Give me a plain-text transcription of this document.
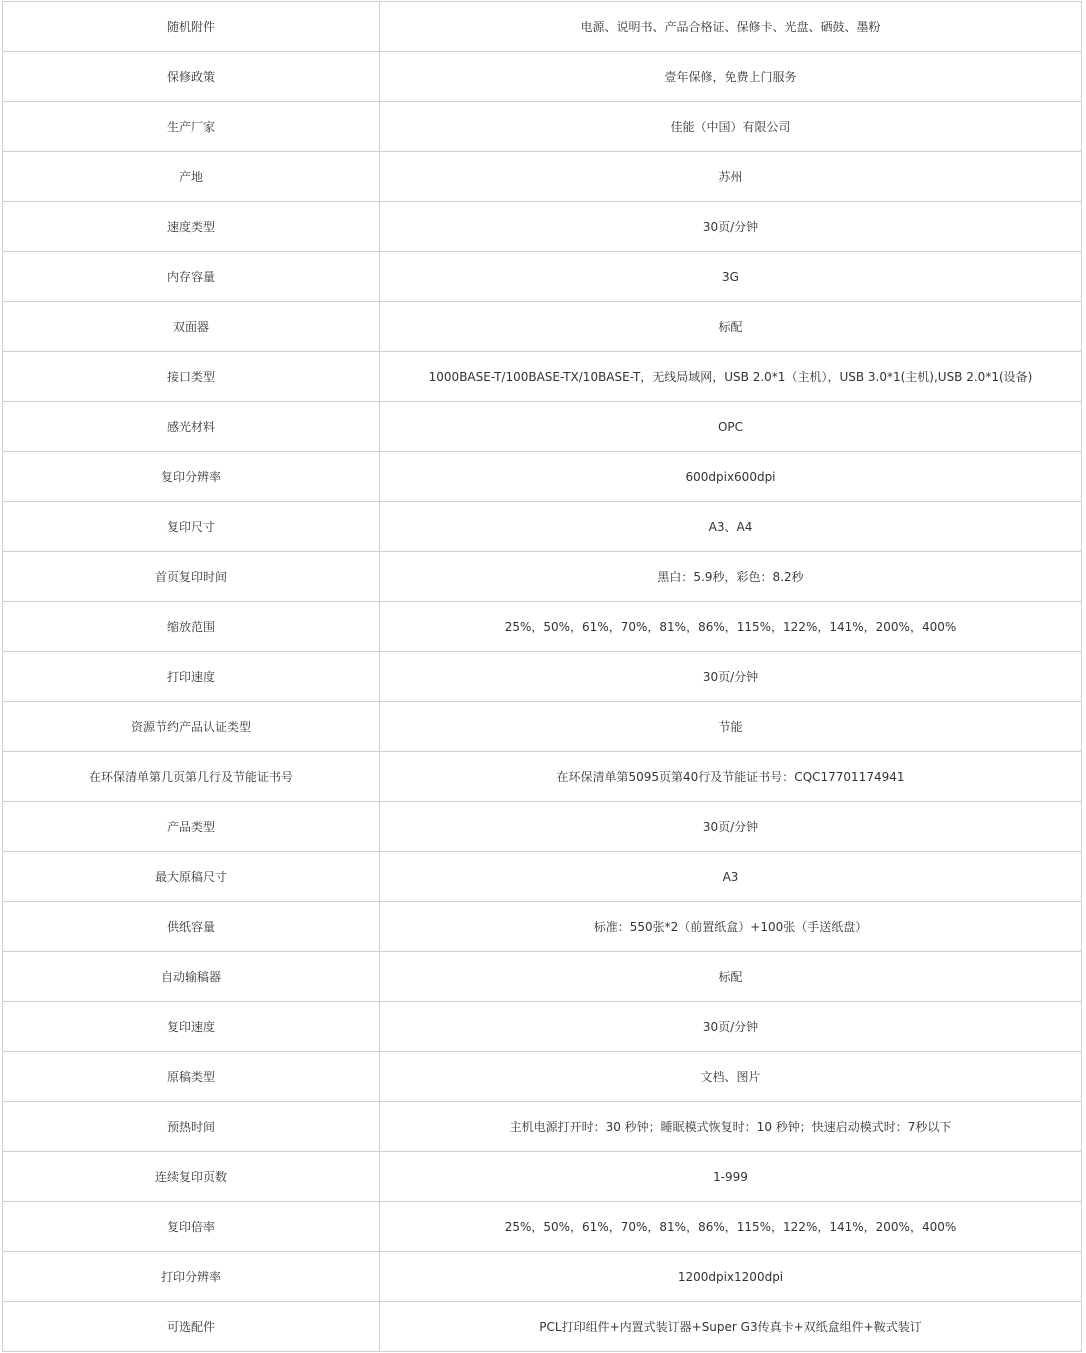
随机附件	电源、说明书、产品合格证、保修卡、光盘、硒鼓、墨粉
保修政策	壹年保修，免费上门服务
生产厂家	佳能（中国）有限公司
产地	苏州
速度类型	30页/分钟
内存容量	3G
双面器	标配
接口类型	1000BASE-T/100BASE-TX/10BASE-T，无线局域网，USB 2.0*1（主机），USB 3.0*1(主机),USB 2.0*1(设备)
感光材料	OPC
复印分辨率	600dpix600dpi
复印尺寸	A3、A4
首页复印时间	黑白：5.9秒，彩色：8.2秒
缩放范围	25%，50%，61%，70%，81%，86%，115%，122%，141%，200%，400%
打印速度	30页/分钟
资源节约产品认证类型	节能
在环保清单第几页第几行及节能证书号	在环保清单第5095页第40行及节能证书号：CQC17701174941
产品类型	30页/分钟
最大原稿尺寸	A3
供纸容量	标准：550张*2（前置纸盒）+100张（手送纸盘）
自动输稿器	标配
复印速度	30页/分钟
原稿类型	文档、图片
预热时间	主机电源打开时：30 秒钟；睡眠模式恢复时：10 秒钟；快速启动模式时：7秒以下
连续复印页数	1-999
复印倍率	25%，50%，61%，70%，81%，86%，115%，122%，141%，200%，400%
打印分辨率	1200dpix1200dpi
可选配件	PCL打印组件+内置式装订器+Super G3传真卡+双纸盒组件+鞍式装订
